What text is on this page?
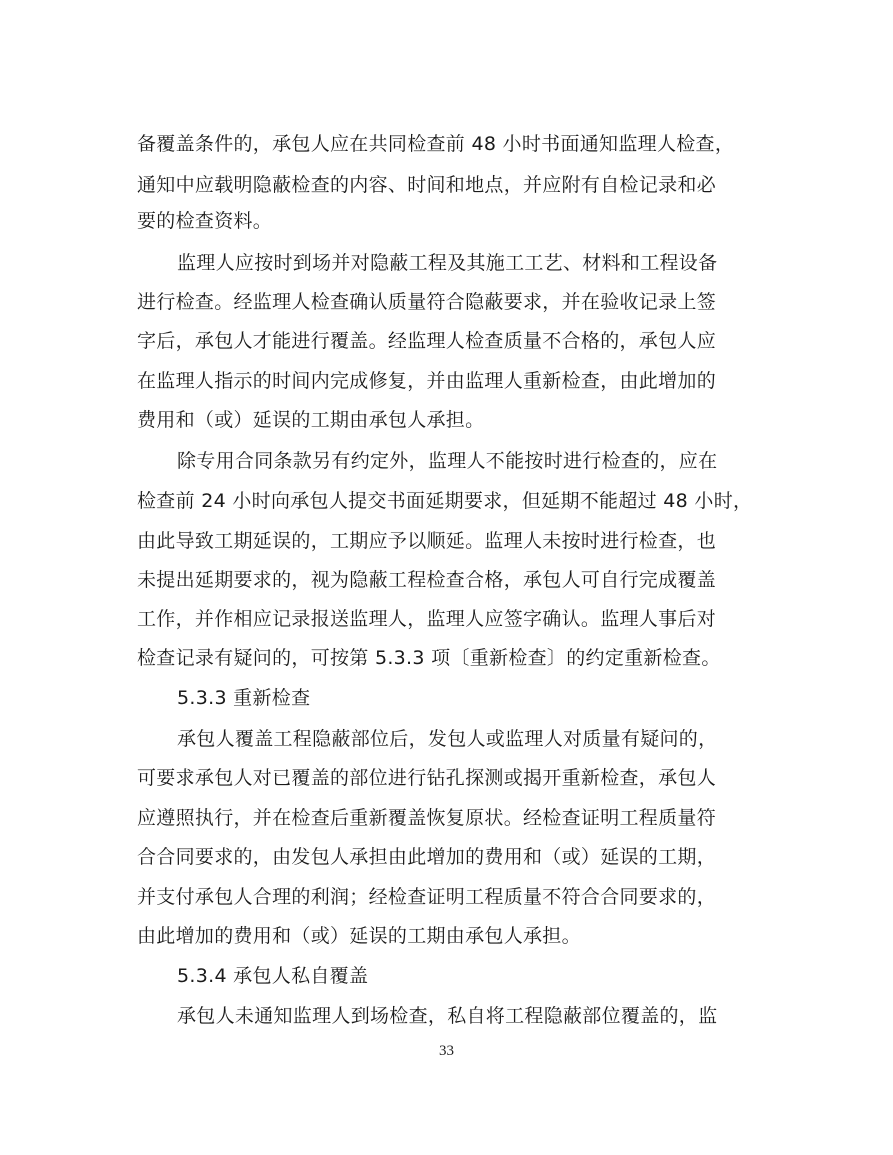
备覆盖条件的，承包人应在共同检查前 48 小时书面通知监理人检查，
通知中应载明隐蔽检查的内容、时间和地点，并应附有自检记录和必
要的检查资料。
监理人应按时到场并对隐蔽工程及其施工工艺、材料和工程设备
进行检查。经监理人检查确认质量符合隐蔽要求，并在验收记录上签
字后，承包人才能进行覆盖。经监理人检查质量不合格的，承包人应
在监理人指示的时间内完成修复，并由监理人重新检查，由此增加的
费用和（或）延误的工期由承包人承担。
除专用合同条款另有约定外，监理人不能按时进行检查的，应在
检查前 24 小时向承包人提交书面延期要求，但延期不能超过 48 小时，
由此导致工期延误的，工期应予以顺延。监理人未按时进行检查，也
未提出延期要求的，视为隐蔽工程检查合格，承包人可自行完成覆盖
工作，并作相应记录报送监理人，监理人应签字确认。监理人事后对
检查记录有疑问的，可按第 5.3.3 项〔重新检查〕的约定重新检查。
5.3.3 重新检查
承包人覆盖工程隐蔽部位后，发包人或监理人对质量有疑问的，
可要求承包人对已覆盖的部位进行钻孔探测或揭开重新检查，承包人
应遵照执行，并在检查后重新覆盖恢复原状。经检查证明工程质量符
合合同要求的，由发包人承担由此增加的费用和（或）延误的工期，
并支付承包人合理的利润；经检查证明工程质量不符合合同要求的，
由此增加的费用和（或）延误的工期由承包人承担。
5.3.4 承包人私自覆盖
承包人未通知监理人到场检查，私自将工程隐蔽部位覆盖的，监
33
